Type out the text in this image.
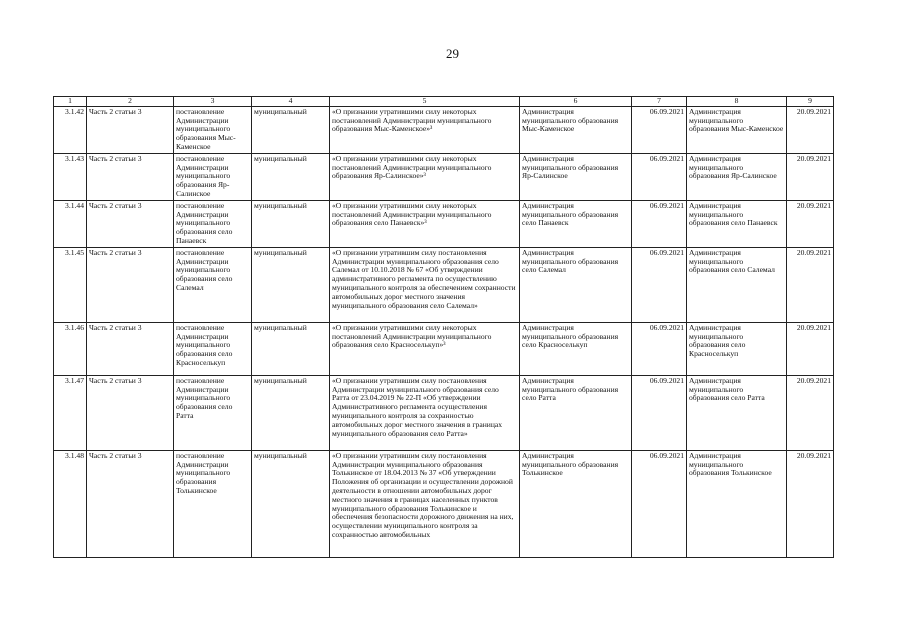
29
1	2	3	4	5	6	7	8	9
3.1.42	Часть 2 статьи 3	постановление Администрации муниципального образования Мыс-Каменское	муниципальный	«О признании утратившими силу некоторых постановлений Администрации муниципального образования Мыс-Каменское»³	Администрация муниципального образования Мыс-Каменское	06.09.2021	Администрация муниципального образования Мыс-Каменское	20.09.2021
3.1.43	Часть 2 статьи 3	постановление Администрации муниципального образования Яр-Салинское	муниципальный	«О признании утратившими силу некоторых постановлений Администрации муниципального образования Яр-Салинское»³	Администрация муниципального образования Яр-Салинское	06.09.2021	Администрация муниципального образования Яр-Салинское	20.09.2021
3.1.44	Часть 2 статьи 3	постановление Администрации муниципального образования село Панаевск	муниципальный	«О признании утратившими силу некоторых постановлений Администрации муниципального образования село Панаевск»³	Администрация муниципального образования село Панаевск	06.09.2021	Администрация муниципального образования село Панаевск	20.09.2021
3.1.45	Часть 2 статьи 3	постановление Администрации муниципального образования село Салемал	муниципальный	«О признании утратившим силу постановления Администрации муниципального образования село Салемал от 10.10.2018 № 67 «Об утверждении административного регламента по осуществлению муниципального контроля за обеспечением сохранности автомобильных дорог местного значения муниципального образования село Салемал»	Администрация муниципального образования село Салемал	06.09.2021	Администрация муниципального образования село Салемал	20.09.2021
3.1.46	Часть 2 статьи 3	постановление Администрации муниципального образования село Красноселькуп	муниципальный	«О признании утратившими силу некоторых постановлений Администрации муниципального образования село Красноселькуп»³	Администрация муниципального образования село Красноселькуп	06.09.2021	Администрация муниципального образования село Красноселькуп	20.09.2021
3.1.47	Часть 2 статьи 3	постановление Администрации муниципального образования село Ратта	муниципальный	«О признании утратившим силу постановления Администрации муниципального образования село Ратта от 23.04.2019 № 22-П «Об утверждении Административного регламента осуществления муниципального контроля за сохранностью автомобильных дорог местного значения в границах муниципального образования село Ратта»	Администрация муниципального образования село Ратта	06.09.2021	Администрация муниципального образования село Ратта	20.09.2021
3.1.48	Часть 2 статьи 3	постановление Администрации муниципального образования Толькинское	муниципальный	«О признании утратившим силу постановления Администрации муниципального образования Толькинское от 18.04.2013 № 37 «Об утверждении Положения об организации и осуществлении дорожной деятельности в отношении автомобильных дорог местного значения в границах населенных пунктов муниципального образования Толькинское и обеспечения безопасности дорожного движения на них, осуществлении муниципального контроля за сохранностью автомобильных	Администрация муниципального образования Толькинское	06.09.2021	Администрация муниципального образования Толькинское	20.09.2021
